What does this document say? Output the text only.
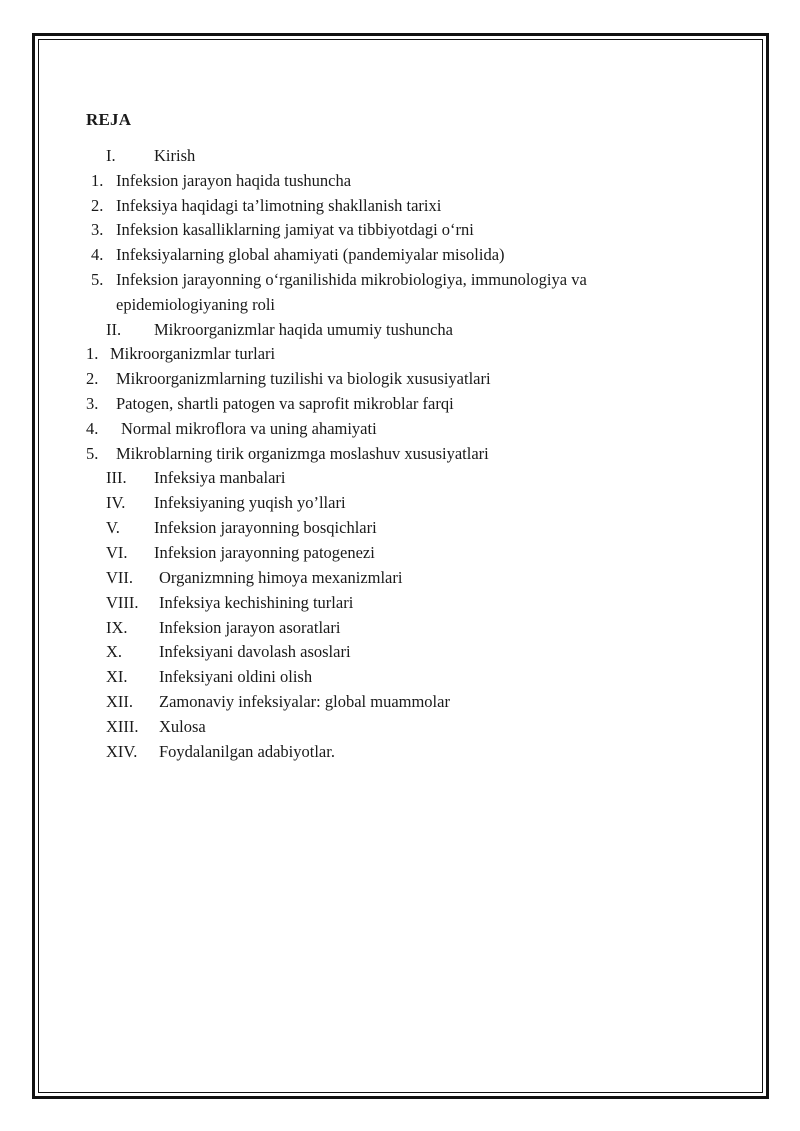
REJA
I. Kirish
1. Infeksion jarayon haqida tushuncha
2. Infeksiya haqidagi ta’limotning shakllanish tarixi
3. Infeksion kasalliklarning jamiyat va tibbiyotdagi o‘rni
4. Infeksiyalarning global ahamiyati (pandemiyalar misolida)
5. Infeksion jarayonning o‘rganilishida mikrobiologiya, immunologiya va
epidemiologiyaning roli
II. Mikroorganizmlar haqida umumiy tushuncha
1. Mikroorganizmlar turlari
2. Mikroorganizmlarning tuzilishi va biologik xususiyatlari
3. Patogen, shartli patogen va saprofit mikroblar farqi
4. Normal mikroflora va uning ahamiyati
5. Mikroblarning tirik organizmga moslashuv xususiyatlari
III. Infeksiya manbalari
IV. Infeksiyaning yuqish yo’llari
V. Infeksion jarayonning bosqichlari
VI. Infeksion jarayonning patogenezi
VII. Organizmning himoya mexanizmlari
VIII. Infeksiya kechishining turlari
IX. Infeksion jarayon asoratlari
X. Infeksiyani davolash asoslari
XI. Infeksiyani oldini olish
XII. Zamonaviy infeksiyalar: global muammolar
XIII. Xulosa
XIV. Foydalanilgan adabiyotlar.
